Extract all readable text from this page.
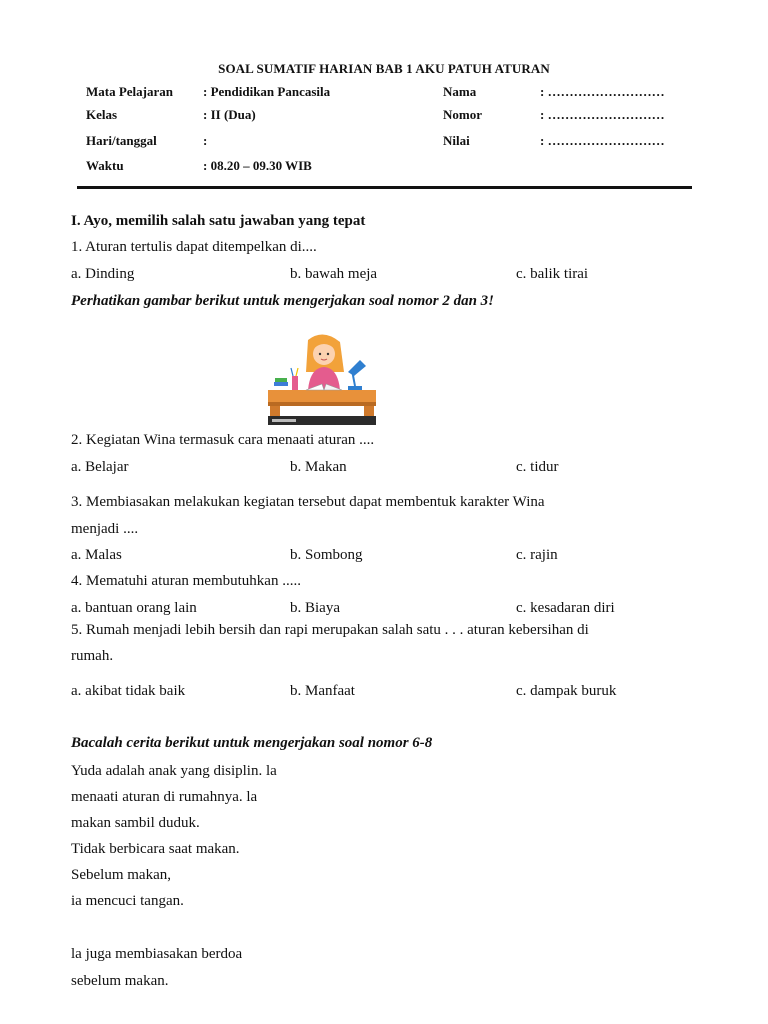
SOAL SUMATIF HARIAN BAB 1 AKU PATUH ATURAN
Mata Pelajaran : Pendidikan Pancasila
Kelas	: II (Dua)
Hari/tanggal	:
Waktu	: 08.20 – 09.30 WIB
Nama	: ………………………
Nomor	: ………………………
Nilai	: ………………………
I. Ayo, memilih salah satu jawaban yang tepat
1. Aturan tertulis dapat ditempelkan di....
a. Dinding	b. bawah meja	c. balik tirai
Perhatikan gambar berikut untuk mengerjakan soal nomor 2 dan 3!
2. Kegiatan Wina termasuk cara menaati aturan ....
a. Belajar	b. Makan	c. tidur
3. Membiasakan melakukan kegiatan tersebut dapat membentuk karakter Wina
menjadi ....
a. Malas	b. Sombong	c. rajin
4. Mematuhi aturan membutuhkan .....
a. bantuan orang lain	b. Biaya	c. kesadaran diri
5. Rumah menjadi lebih bersih dan rapi merupakan salah satu . . . aturan kebersihan di
rumah.
a. akibat tidak baik	b. Manfaat	c. dampak buruk
Bacalah cerita berikut untuk mengerjakan soal nomor 6-8
Yuda adalah anak yang disiplin. la
menaati aturan di rumahnya. la
makan sambil duduk.
Tidak berbicara saat makan.
Sebelum makan,
ia mencuci tangan.
la juga membiasakan berdoa
sebelum makan.
